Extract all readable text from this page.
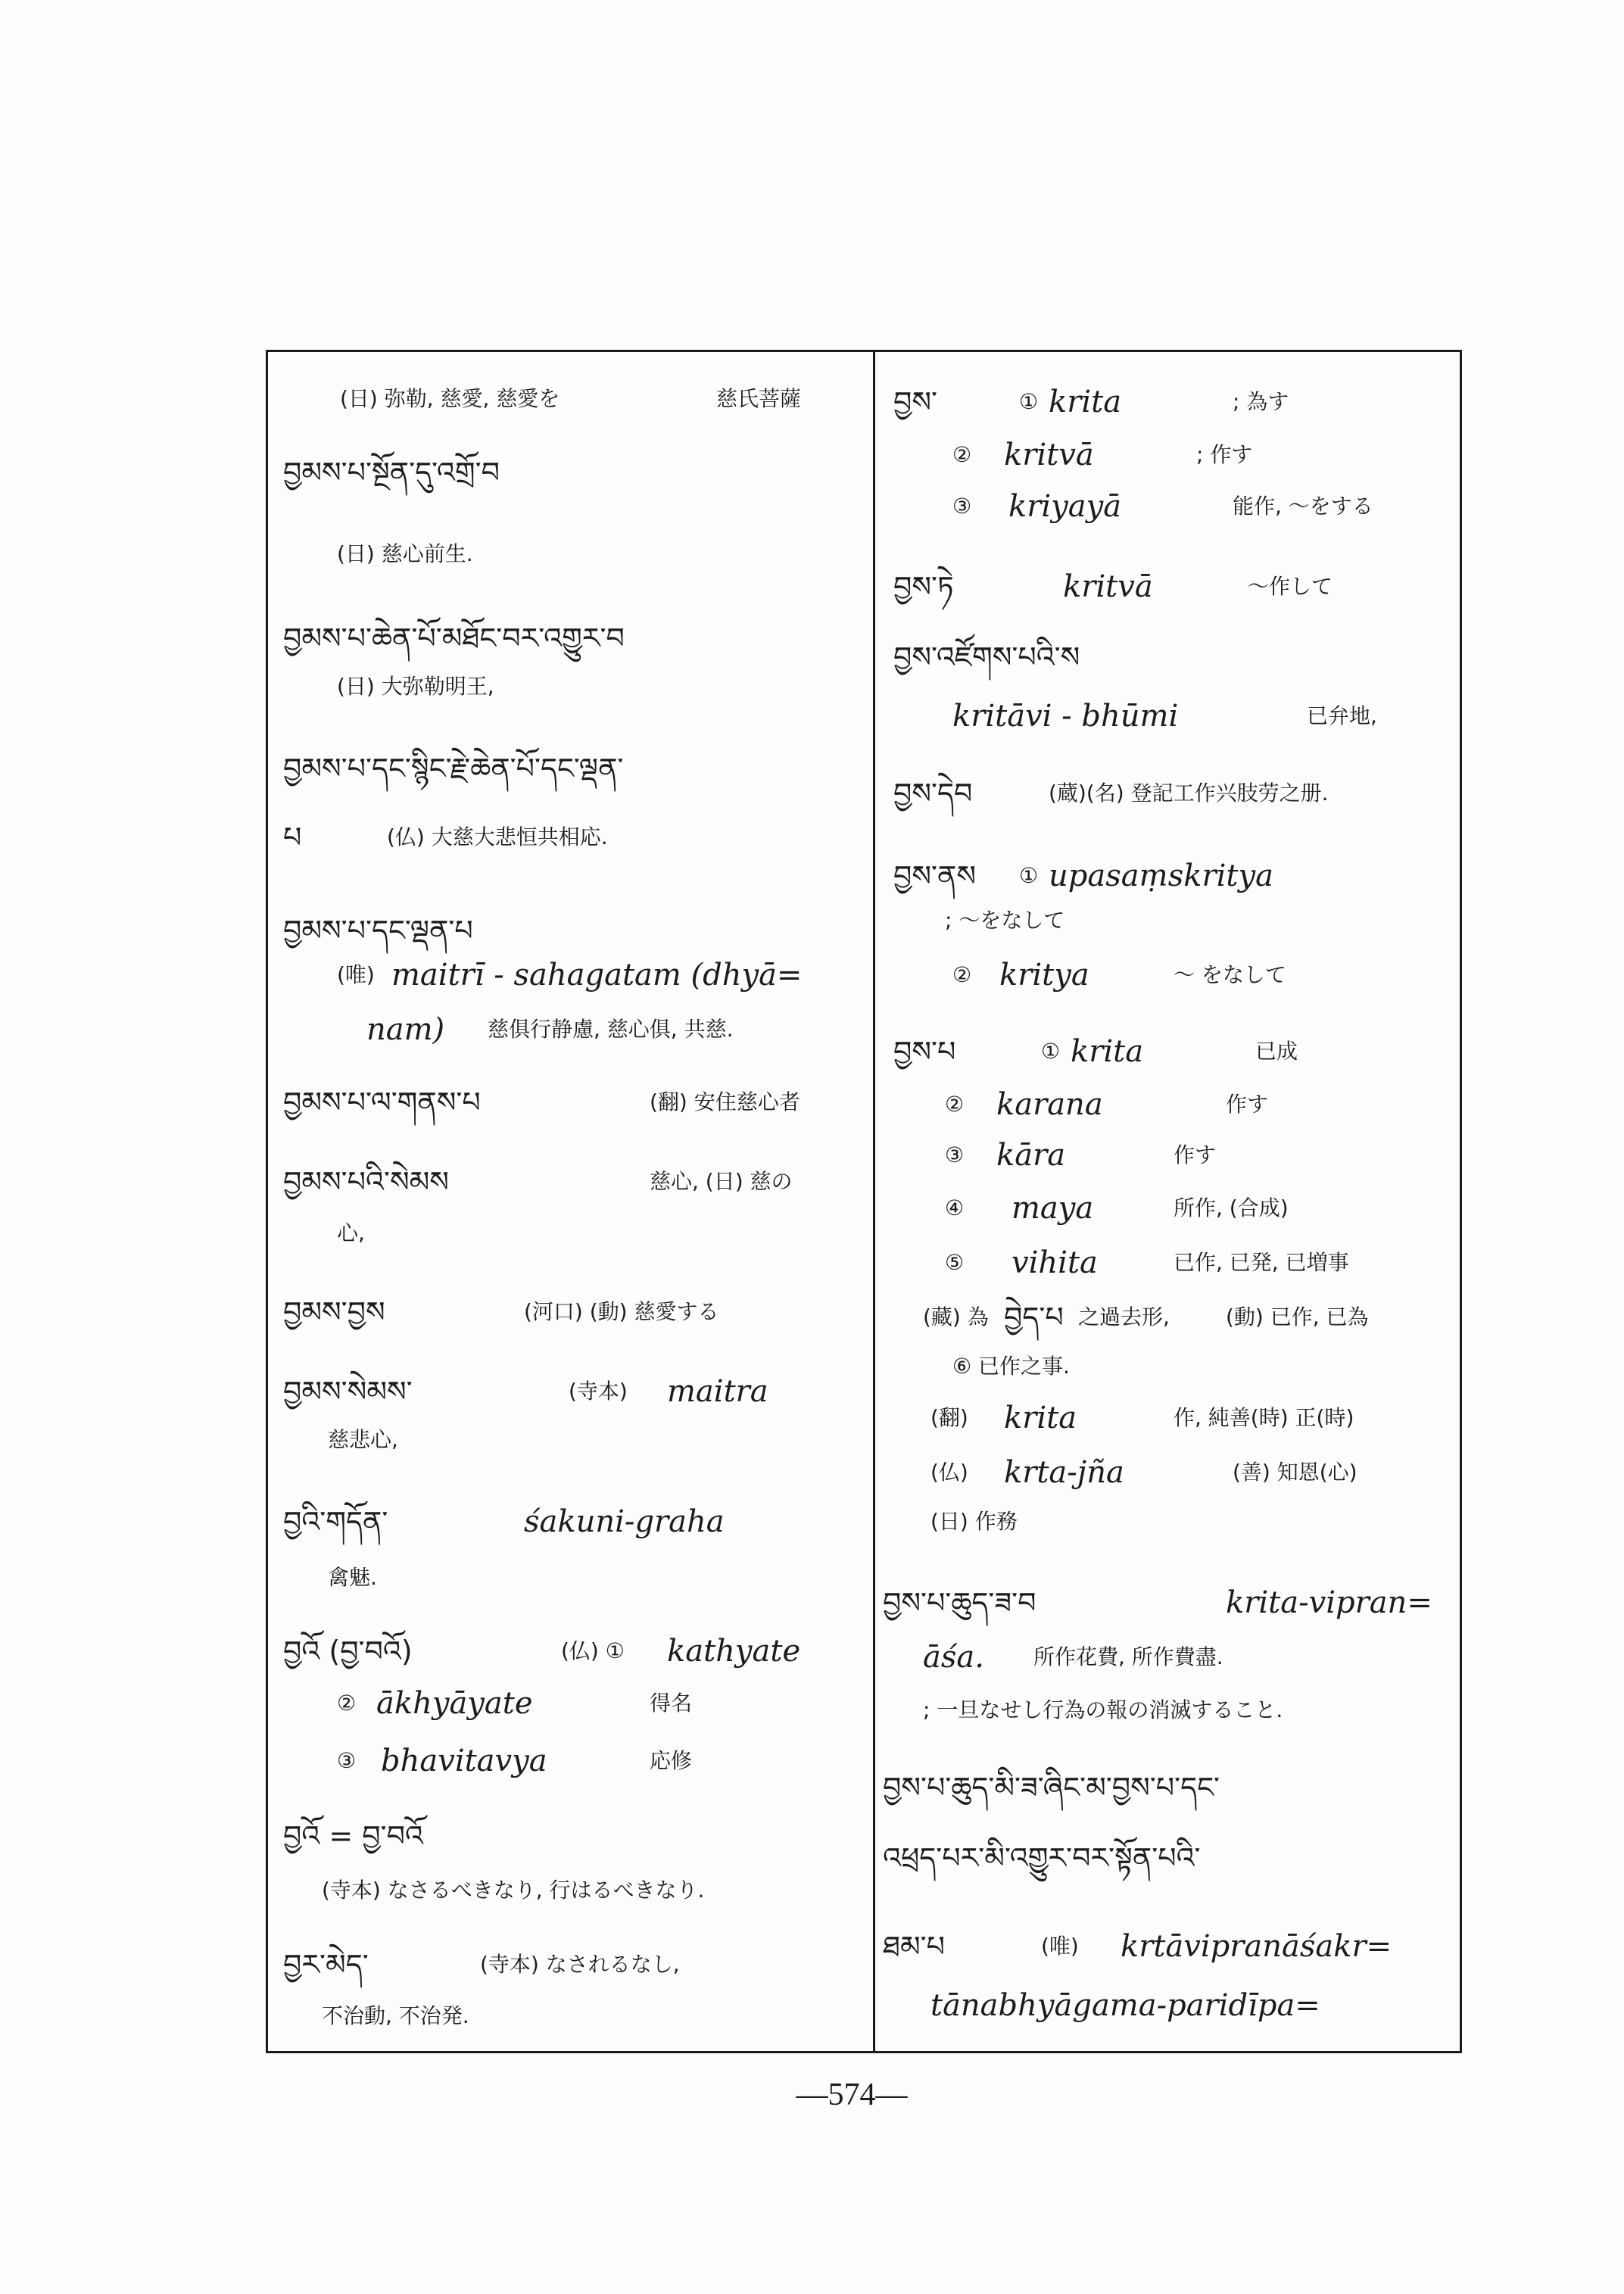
(日) 弥勒, 慈愛, 慈愛を	慈氏菩薩
བྱམས་པ་སྔོན་དུ་འགྲོ་བ
(日) 慈心前生.
བྱམས་པ་ཆེན་པོ་མཐོང་བར་འགྱུར་བ
(日) 大弥勒明王,
བྱམས་པ་དང་སྙིང་རྗེ་ཆེན་པོ་དང་ལྡན་
པ	(仏) 大慈大悲恒共相応.
བྱམས་པ་དང་ལྡན་པ
(唯) maitrī - sahagatam (dhyā=
nam) 慈俱行静慮, 慈心俱, 共慈.
བྱམས་པ་ལ་གནས་པ	(翻) 安住慈心者
བྱམས་པའི་སེམས	慈心, (日) 慈の
心,
བྱམས་བྱས	(河口) (動) 慈愛する
བྱམས་སེམས་	(寺本) maitra
慈悲心,
བྱའི་གདོན་	śakuni-graha
禽魅.
བྱའོ (བྱ་བའོ)	(仏) ① kathyate
② ākhyāyate	得名
③ bhavitavya	応修
བྱའོ = བྱ་བའོ
(寺本) なさるべきなり, 行はるべきなり.
བྱར་མེད་	(寺本) なされるなし,
不治動, 不治発.
བྱས་	① krita	; 為す
② kritvā	; 作す
③ kriyayā	能作, 〜をする
བྱས་ཏེ	kritvā	〜作して
བྱས་འཛོགས་པའི་ས
kritāvi - bhūmi	已弁地,
བྱས་དེབ	(蔵)(名) 登記工作兴肢劳之册.
བྱས་ནས ① upasaṃskritya
; 〜をなして
② kritya	〜 をなして
བྱས་པ	① krita	已成
② karana	作す
③ kāra	作す
④ maya	所作, (合成)
⑤ vihita	已作, 已発, 已増事
(藏) 為 བྱེད་པ 之過去形,	(動) 已作, 已為
⑥ 已作之事.
(翻) krita	作, 純善(時) 正(時)
(仏) krta-jña	(善) 知恩(心)
(日) 作務
བྱས་པ་ཆུད་ཟ་བ	krita-vipran=
āśa. 所作花費, 所作費盡.
; 一旦なせし行為の報の消滅すること.
བྱས་པ་ཆུད་མི་ཟ་ཞིང་མ་བྱས་པ་དང་
འཕྲད་པར་མི་འགྱུར་བར་སྟོན་པའི་
ཐམ་པ	(唯) krtāvipranāśakr=
tānabhyāgama-paridīpa=
—574—
